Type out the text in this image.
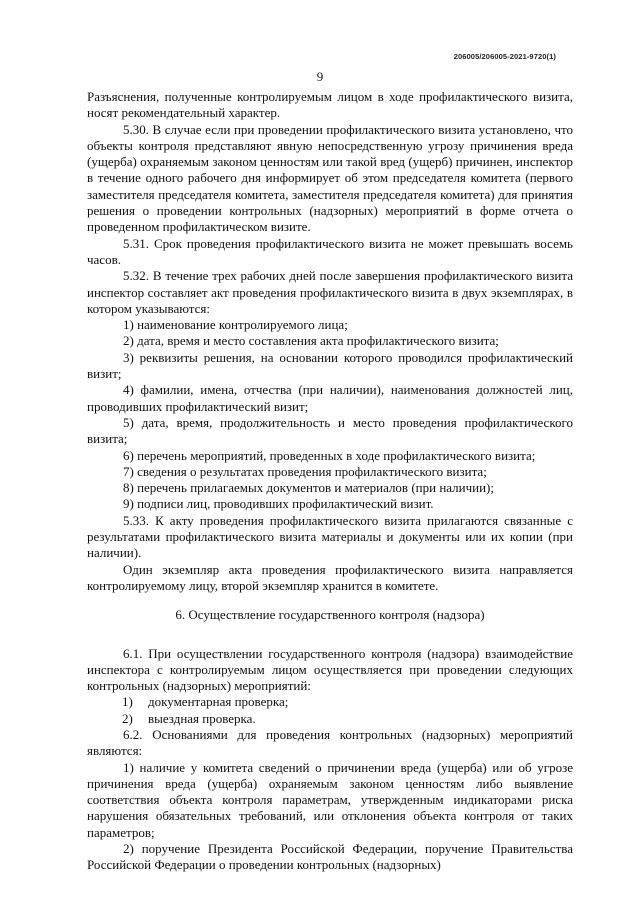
206005/206005-2021-9720(1)
9

Разъяснения, полученные контролируемым лицом в ходе профилактического визита, носят рекомендательный характер.

5.30. В случае если при проведении профилактического визита установлено, что объекты контроля представляют явную непосредственную угрозу причинения вреда (ущерба) охраняемым законом ценностям или такой вред (ущерб) причинен, инспектор в течение одного рабочего дня информирует об этом председателя комитета (первого заместителя председателя комитета, заместителя председателя комитета) для принятия решения о проведении контрольных (надзорных) мероприятий в форме отчета о проведенном профилактическом визите.

5.31. Срок проведения профилактического визита не может превышать восемь часов.

5.32. В течение трех рабочих дней после завершения профилактического визита инспектор составляет акт проведения профилактического визита в двух экземплярах, в котором указываются:

1) наименование контролируемого лица;

2) дата, время и место составления акта профилактического визита;

3) реквизиты решения, на основании которого проводился профилактический визит;

4) фамилии, имена, отчества (при наличии), наименования должностей лиц, проводивших профилактический визит;

5) дата, время, продолжительность и место проведения профилактического визита;

6) перечень мероприятий, проведенных в ходе профилактического визита;

7) сведения о результатах проведения профилактического визита;

8) перечень прилагаемых документов и материалов (при наличии);

9) подписи лиц, проводивших профилактический визит.

5.33. К акту проведения профилактического визита прилагаются связанные с результатами профилактического визита материалы и документы или их копии (при наличии).

Один экземпляр акта проведения профилактического визита направляется контролируемому лицу, второй экземпляр хранится в комитете.

6. Осуществление государственного контроля (надзора)

6.1. При осуществлении государственного контроля (надзора) взаимодействие инспектора с контролируемым лицом осуществляется при проведении следующих контрольных (надзорных) мероприятий:

1) документарная проверка;

2) выездная проверка.

6.2. Основаниями для проведения контрольных (надзорных) мероприятий являются:

1) наличие у комитета сведений о причинении вреда (ущерба) или об угрозе причинения вреда (ущерба) охраняемым законом ценностям либо выявление соответствия объекта контроля параметрам, утвержденным индикаторами риска нарушения обязательных требований, или отклонения объекта контроля от таких параметров;

2) поручение Президента Российской Федерации, поручение Правительства Российской Федерации о проведении контрольных (надзорных)
